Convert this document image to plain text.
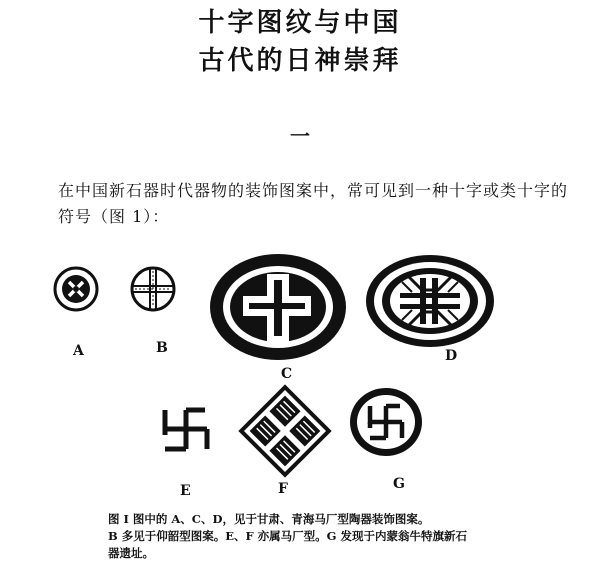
十字图纹与中国
古代的日神崇拜
一
在中国新石器时代器物的装饰图案中，常可见到一种十字或类十字的符号（图 1）：
A	B
C
D
E	F	G
图 I 图中的 A、C、D，见于甘肃、青海马厂型陶器装饰图案。
B 多见于仰韶型图案。E、F 亦属马厂型。G 发现于内蒙翁牛特旗新石
器遗址。
